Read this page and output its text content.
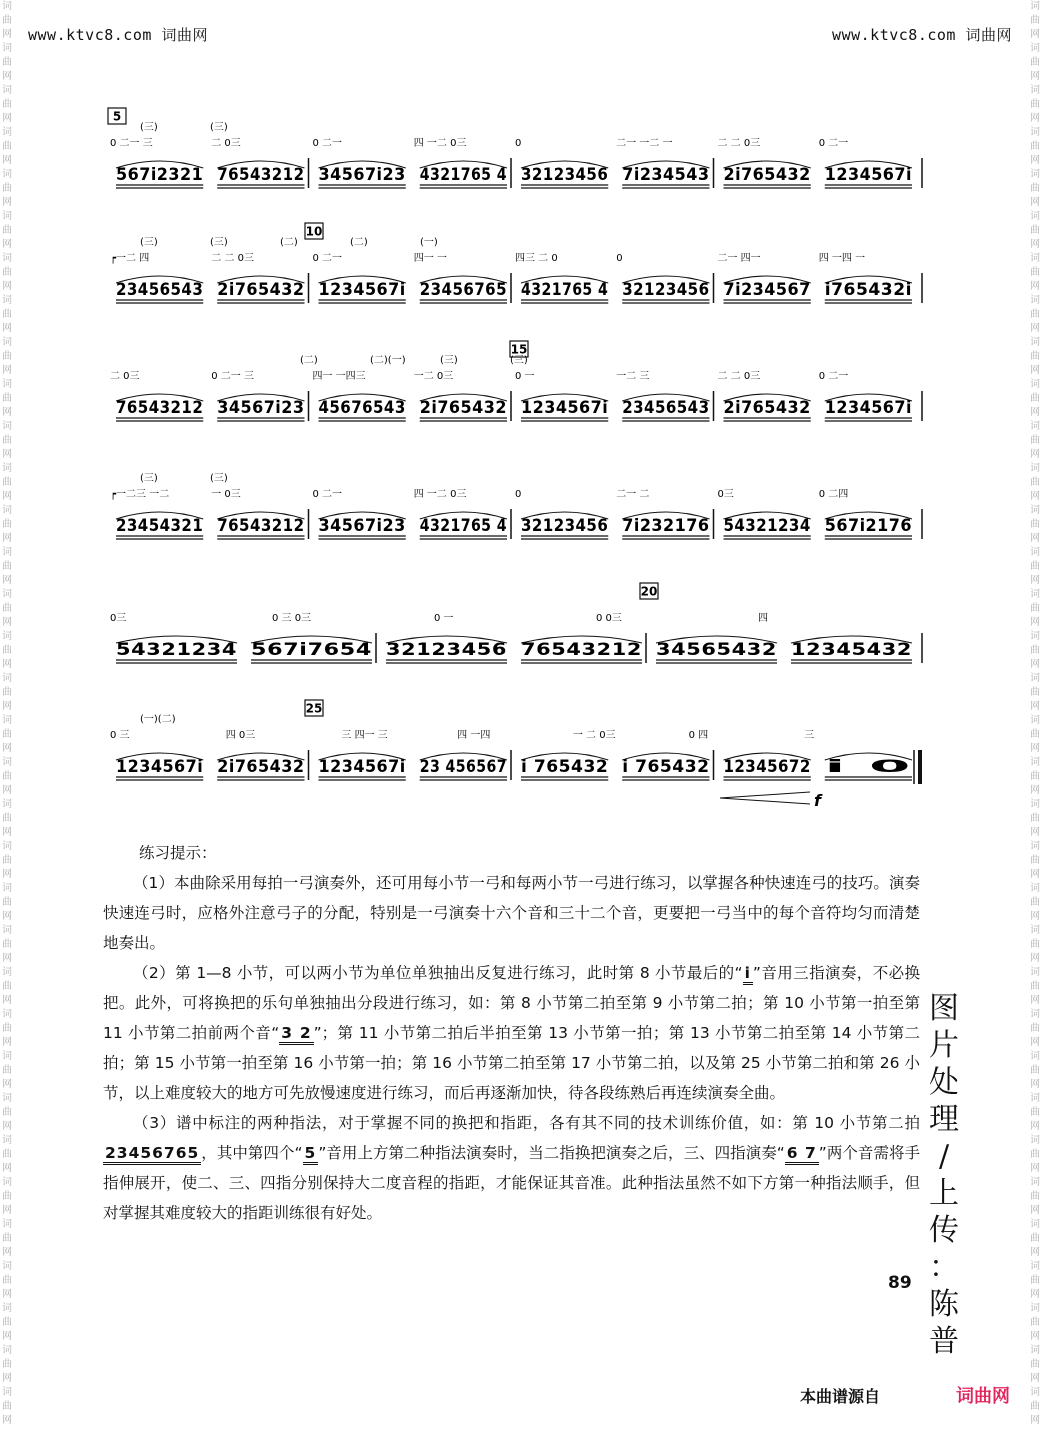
www.ktvc8.com 词曲网	www.ktvc8.com 词曲网
词
曲
网
词
曲
网
词
曲
网
词
曲
网
词
曲
网
词
曲
网
词
曲
网
词
曲
网
词
曲
网
词
曲
网
词
曲
网
词
曲
网
词
曲
网
词
曲
网
词
曲
网
词
曲
网
词
曲
网
词
曲
网
词
曲
网
词
曲
网
词
曲
网
词
曲
网
词
曲
网
词
曲
网
词
曲
网
词
曲
网
词
曲
网
词
曲
网
词
曲
网
词
曲
网
词
曲
网
词
曲
网
词
曲
网
词
曲
网
词
曲
网
词
曲
网
词
曲
网
词
曲
网
词
曲
网
词
曲
网
词
曲
网
词
曲
网
词
曲
网
词
曲
网
词
曲
网
词
曲
网
词
曲
网
词
曲
网
词
曲
网
词
曲
网
词
曲
网
词
曲
网
词
曲
网
词
曲
网
词
曲
网
词
曲
网
词
曲
网
词
曲
网
词
曲
网
词
曲
网
词
曲
网
词
曲
网
词
曲
网
词
曲
网
词
曲
网
词
曲
网
词
曲
网
词
曲
网
图
片
处
理
/
上
传
：
陈
普
5
(三)	(三)
0 二一 三	二 0三	0 二一	四 一二 0三	0	二一 一二 一	二 二 0三	0 二一
567i2321 76543212 34567i23 4321765 4 32123456 7i234543 2i765432 1234567i
10
(三)	(三)	(二)	(二)	(一)
┍一二 四	二 二 0三	0 二一	四一 一	四三 二 0	0	二一 四一	四 一四 一
23456543 2i765432 1234567i 23456765 4321765 4 32123456 7i234567 i765432i
15
(二)	(二)(一)	(三)	(三)
二 0三	0 二一 三	四一 一四三	一二 0三	0 一	一二 三	二 二 0三	0 二一
76543212 34567i23 45676543 2i765432 1234567i 23456543 2i765432 1234567i
(三)	(三)
┍一二三 一二	一 0三	0 二一	四 一二 0三	0	二一 二	0三	0 二四
23454321 76543212 34567i23 4321765 4 32123456 7i232176 54321234 567i2176
20
0三	0 三 0三	0 一	0 0三	四
54321234 567i7654 32123456 76543212 34565432 12345432
25
(一)(二)
0 三	四 0三	三 四一 三	四 一四	一 二 0三	0 四	三
1234567i 2i765432 1234567i 23 456567 i 765432 i 765432 12345672 i 0
f

练习提示：

（1）本曲除采用每拍一弓演奏外，还可用每小节一弓和每两小节一弓进行练习，以掌握各种快速连弓的技巧。演奏快速连弓时，应格外注意弓子的分配，特别是一弓演奏十六个音和三十二个音，更要把一弓当中的每个音符均匀而清楚地奏出。

（2）第 1—8 小节，可以两小节为单位单独抽出反复进行练习，此时第 8 小节最后的“ i ”音用三指演奏，不必换把。此外，可将换把的乐句单独抽出分段进行练习，如：第 8 小节第二拍至第 9 小节第二拍；第 10 小节第一拍至第 11 小节第二拍前两个音“ 3 2 ”；第 11 小节第二拍后半拍至第 13 小节第一拍；第 13 小节第二拍至第 14 小节第二拍；第 15 小节第一拍至第 16 小节第一拍；第 16 小节第二拍至第 17 小节第二拍，以及第 25 小节第二拍和第 26 小节，以上难度较大的地方可先放慢速度进行练习，而后再逐渐加快，待各段练熟后再连续演奏全曲。

（3）谱中标注的两种指法，对于掌握不同的换把和指距，各有其不同的技术训练价值，如：第 10 小节第二拍23456765 ，其中第四个“ 5 ”音用上方第二种指法演奏时，当二指换把演奏之后，三、四指演奏“ 6 7 ”两个音需将手指伸展开，使二、三、四指分别保持大二度音程的指距，才能保证其音准。此种指法虽然不如下方第一种指法顺手，但对掌握其难度较大的指距训练很有好处。

89
本曲谱源自	词曲网
